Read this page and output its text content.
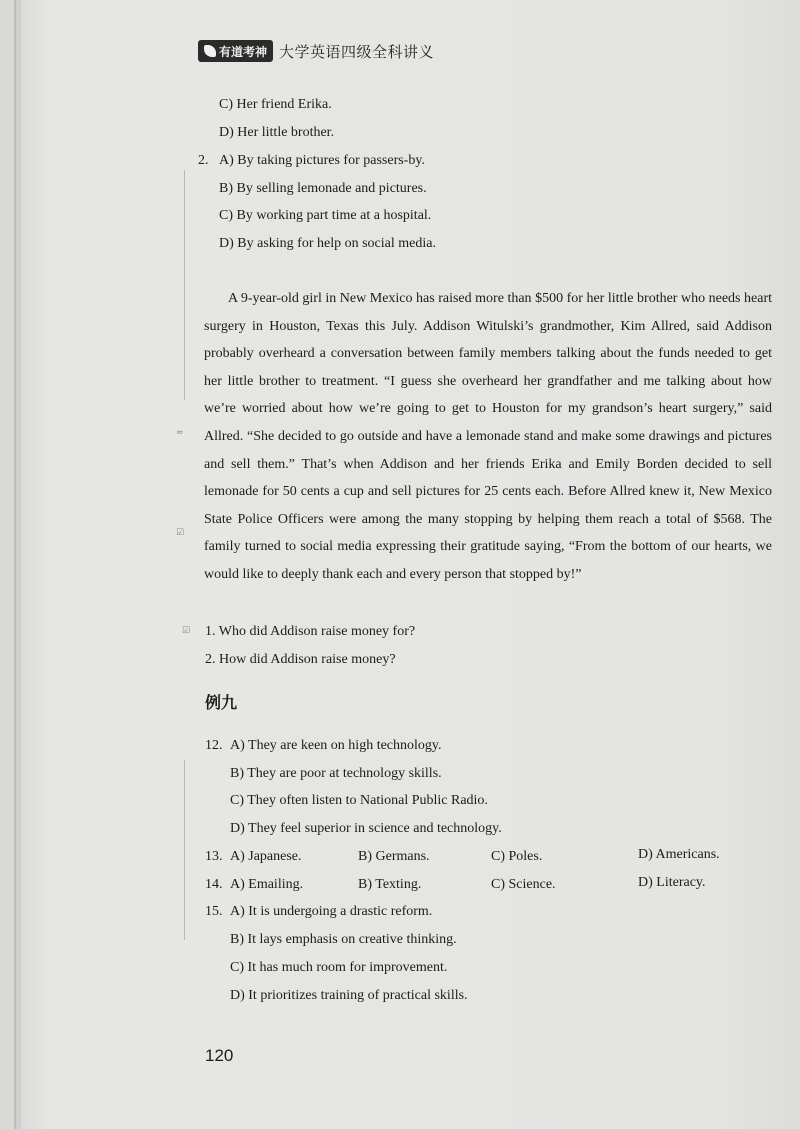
有道考神 大学英语四级全科讲义
C) Her friend Erika.
D) Her little brother.
2. A) By taking pictures for passers-by.
B) By selling lemonade and pictures.
C) By working part time at a hospital.
D) By asking for help on social media.

A 9-year-old girl in New Mexico has raised more than $500 for her little brother who needs heart surgery in Houston, Texas this July. Addison Witulski’s grandmother, Kim Allred, said Addison probably overheard a conversation between family members talking about the funds needed to get her little brother to treatment. “I guess she overheard her grandfather and me talking about how we’re worried about how we’re going to get to Houston for my grandson’s heart surgery,” said Allred. “She decided to go outside and have a lemonade stand and make some drawings and pictures and sell them.” That’s when Addison and her friends Erika and Emily Borden decided to sell lemonade for 50 cents a cup and sell pictures for 25 cents each. Before Allred knew it, New Mexico State Police Officers were among the many stopping by helping them reach a total of $568. The family turned to social media expressing their gratitude saying, “From the bottom of our hearts, we would like to deeply thank each and every person that stopped by!”

≈
☑
☑ 1. Who did Addison raise money for?
2. How did Addison raise money?
例九
12. A) They are keen on high technology.
B) They are poor at technology skills.
C) They often listen to National Public Radio.
D) They feel superior in science and technology.
13. A) Japanese.	B) Germans.	C) Poles.	D) Americans.
14. A) Emailing.	B) Texting.	C) Science.	D) Literacy.
15. A) It is undergoing a drastic reform.
B) It lays emphasis on creative thinking.
C) It has much room for improvement.
D) It prioritizes training of practical skills.
120
